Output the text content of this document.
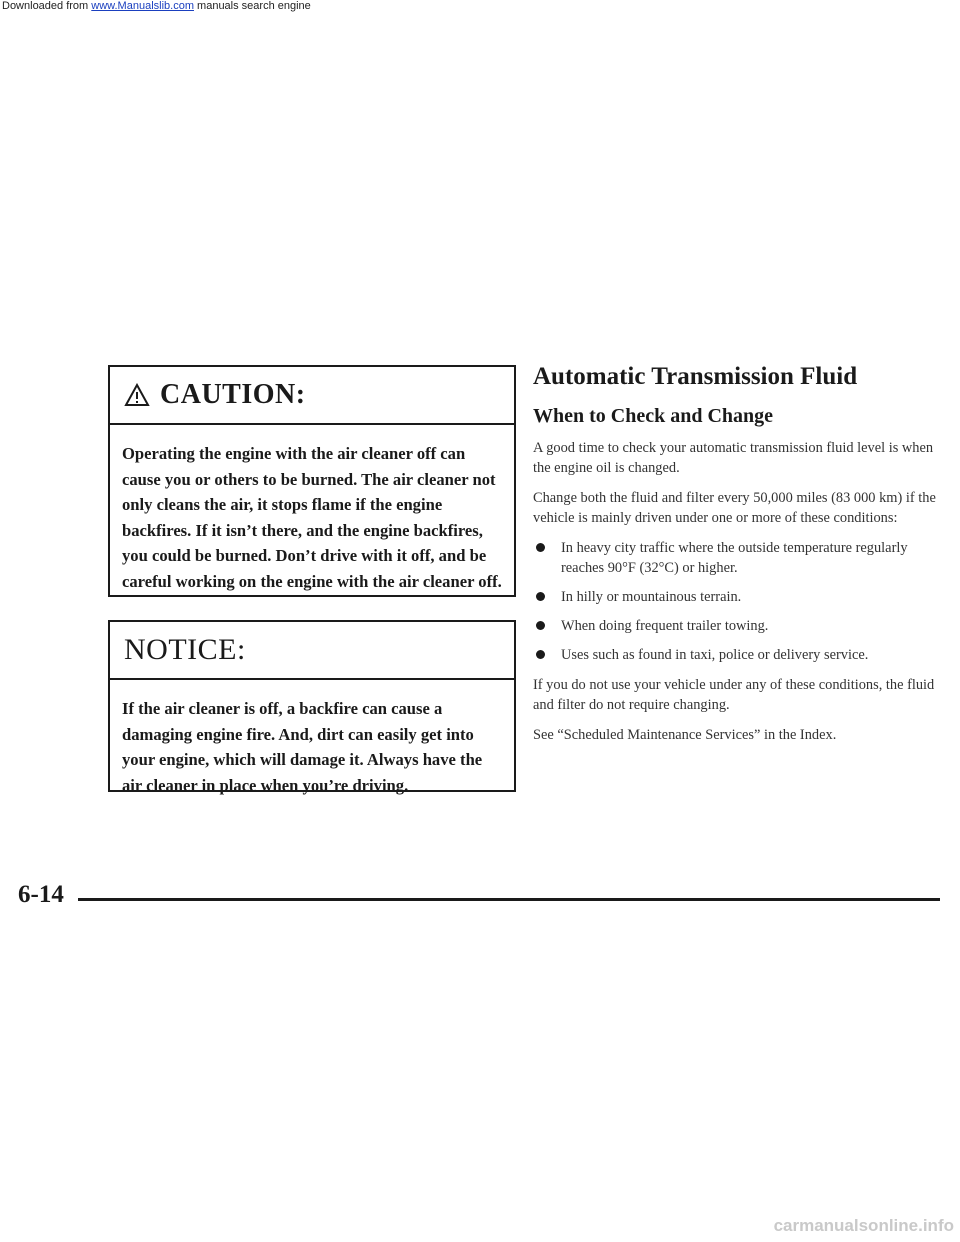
Downloaded from www.Manualslib.com manuals search engine
CAUTION:
Operating the engine with the air cleaner off can cause you or others to be burned. The air cleaner not only cleans the air, it stops flame if the engine backfires. If it isn’t there, and the engine backfires, you could be burned. Don’t drive with it off, and be careful working on the engine with the air cleaner off.
NOTICE:
If the air cleaner is off, a backfire can cause a damaging engine fire. And, dirt can easily get into your engine, which will damage it. Always have the air cleaner in place when you’re driving.
Automatic Transmission Fluid
When to Check and Change

A good time to check your automatic transmission fluid level is when the engine oil is changed.

Change both the fluid and filter every 50,000 miles (83 000 km) if the vehicle is mainly driven under one or more of these conditions:

In heavy city traffic where the outside temperature regularly reaches 90°F (32°C) or higher.
In hilly or mountainous terrain.
When doing frequent trailer towing.
Uses such as found in taxi, police or delivery service.

If you do not use your vehicle under any of these conditions, the fluid and filter do not require changing.

See “Scheduled Maintenance Services” in the Index.

6-14
carmanualsonline.info
